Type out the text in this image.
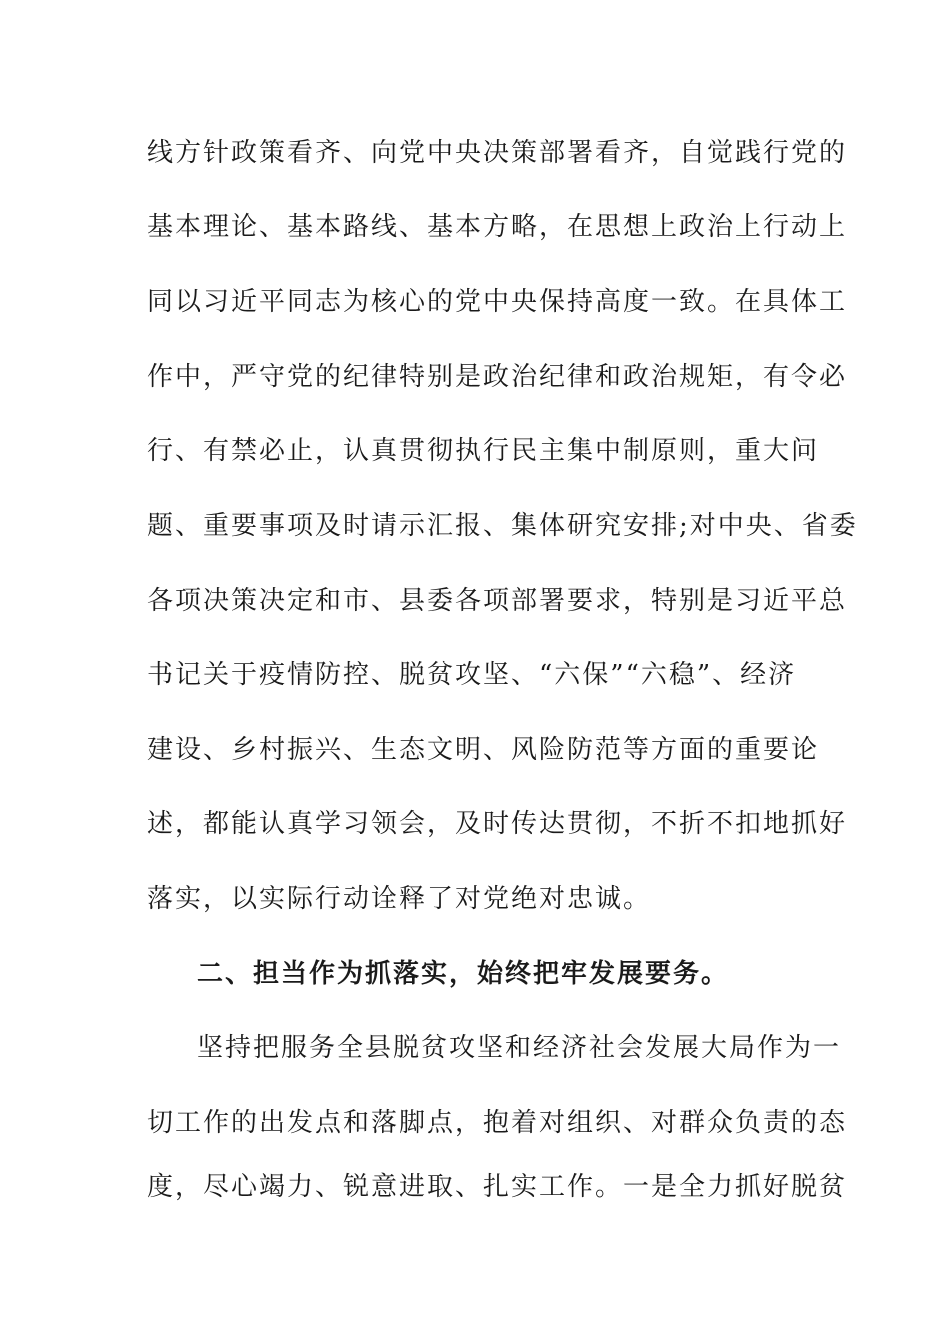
线方针政策看齐、向党中央决策部署看齐，自觉践行党的
基本理论、基本路线、基本方略，在思想上政治上行动上
同以习近平同志为核心的党中央保持高度一致。在具体工
作中，严守党的纪律特别是政治纪律和政治规矩，有令必
行、有禁必止，认真贯彻执行民主集中制原则，重大问
题、重要事项及时请示汇报、集体研究安排;对中央、省委
各项决策决定和市、县委各项部署要求，特别是习近平总
书记关于疫情防控、脱贫攻坚、“六保”“六稳”、经济
建设、乡村振兴、生态文明、风险防范等方面的重要论
述，都能认真学习领会，及时传达贯彻，不折不扣地抓好
落实，以实际行动诠释了对党绝对忠诚。
二、担当作为抓落实，始终把牢发展要务。
坚持把服务全县脱贫攻坚和经济社会发展大局作为一
切工作的出发点和落脚点，抱着对组织、对群众负责的态
度，尽心竭力、锐意进取、扎实工作。一是全力抓好脱贫
